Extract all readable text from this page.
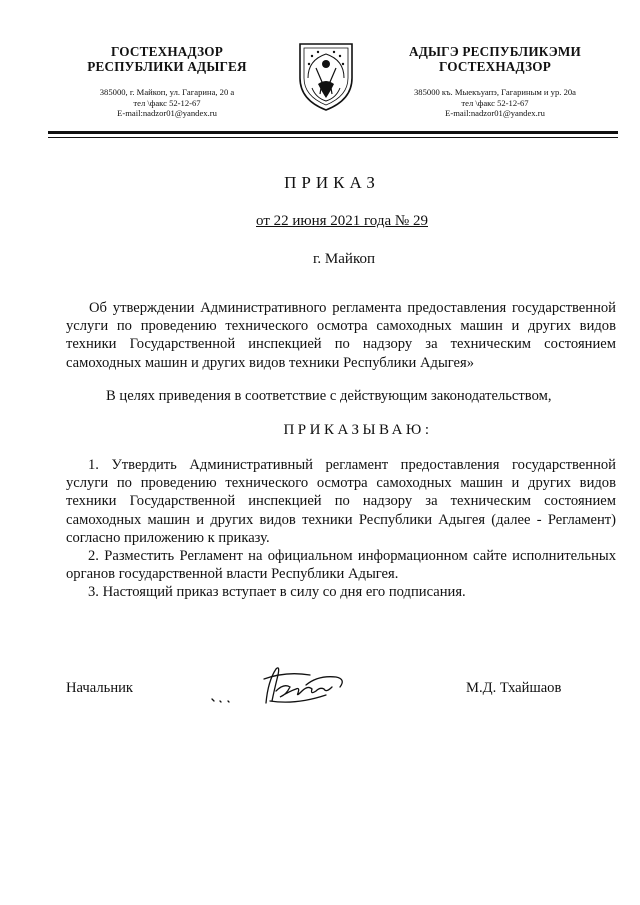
ГОСТЕХНАДЗОР
РЕСПУБЛИКИ АДЫГЕЯ
385000, г. Майкоп, ул. Гагарина, 20 а
тел \факс 52-12-67
E-mail:nadzor01@yandex.ru
АДЫГЭ РЕСПУБЛИКЭМИ
ГОСТЕХНАДЗОР
385000 къ. Мыекъуапэ, Гагариным и ур. 20а
тел \факс 52-12-67
E-mail:nadzor01@yandex.ru
ПРИКАЗ
от 22 июня 2021 года № 29
г. Майкоп
Об утверждении Административного регламента предоставления государственной услуги по проведению технического осмотра самоходных машин и других видов техники Государственной инспекцией по надзору за техническим состоянием самоходных машин и других видов техники Республики Адыгея»
В целях приведения в соответствие с действующим законодательством,
ПРИКАЗЫВАЮ:

1. Утвердить Административный регламент предоставления государственной услуги по проведению технического осмотра самоходных машин и других видов техники Государственной инспекцией по надзору за техническим состоянием самоходных машин и других видов техники Республики Адыгея (далее - Регламент) согласно приложению к приказу.

2. Разместить Регламент на официальном информационном сайте исполнительных органов государственной власти Республики Адыгея.

3. Настоящий приказ вступает в силу со дня его подписания.

Начальник	М.Д. Тхайшаов
